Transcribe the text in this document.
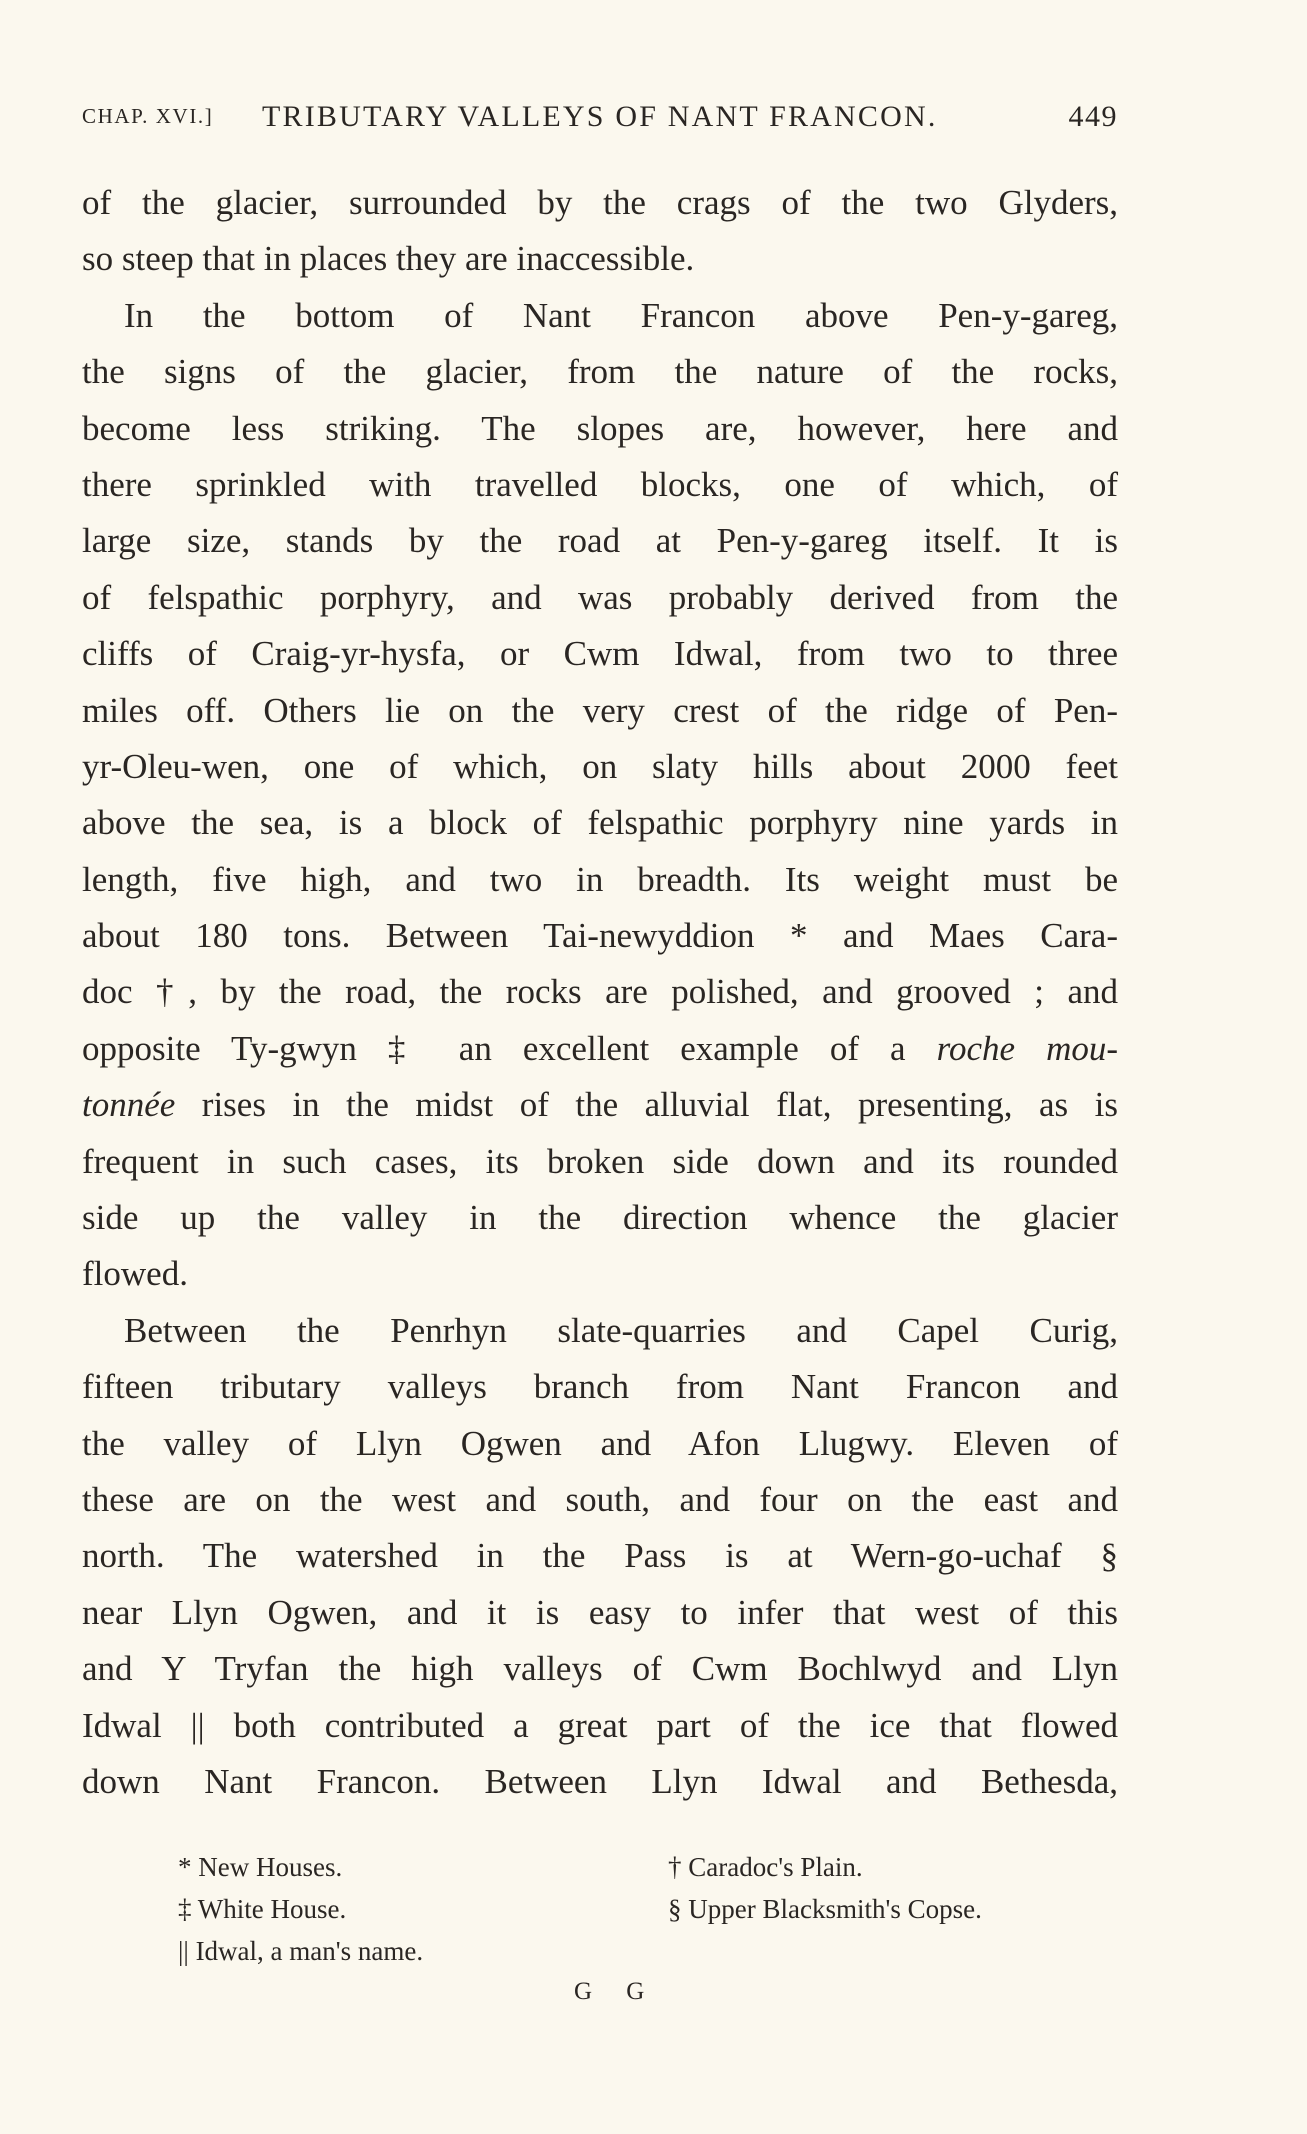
CHAP. XVI.] TRIBUTARY VALLEYS OF NANT FRANCON.	449
of the glacier, surrounded by the crags of the two Glyders,
so steep that in places they are inaccessible.
In the bottom of Nant Francon above Pen-y-gareg,
the signs of the glacier, from the nature of the rocks,
become less striking. The slopes are, however, here and
there sprinkled with travelled blocks, one of which, of
large size, stands by the road at Pen-y-gareg itself. It is
of felspathic porphyry, and was probably derived from the
cliffs of Craig-yr-hysfa, or Cwm Idwal, from two to three
miles off. Others lie on the very crest of the ridge of Pen-
yr-Oleu-wen, one of which, on slaty hills about 2000 feet
above the sea, is a block of felspathic porphyry nine yards in
length, five high, and two in breadth. Its weight must be
about 180 tons. Between Tai-newyddion * and Maes Cara-
doc †, by the road, the rocks are polished, and grooved ; and
opposite Ty-gwyn ‡ an excellent example of a roche mou-
tonnée rises in the midst of the alluvial flat, presenting, as is
frequent in such cases, its broken side down and its rounded
side up the valley in the direction whence the glacier
flowed.
Between the Penrhyn slate-quarries and Capel Curig,
fifteen tributary valleys branch from Nant Francon and
the valley of Llyn Ogwen and Afon Llugwy. Eleven of
these are on the west and south, and four on the east and
north. The watershed in the Pass is at Wern-go-uchaf §
near Llyn Ogwen, and it is easy to infer that west of this
and Y Tryfan the high valleys of Cwm Bochlwyd and Llyn
Idwal || both contributed a great part of the ice that flowed
down Nant Francon. Between Llyn Idwal and Bethesda,
* New Houses.	† Caradoc's Plain.
‡ White House.	§ Upper Blacksmith's Copse.
|| Idwal, a man's name.
G G
